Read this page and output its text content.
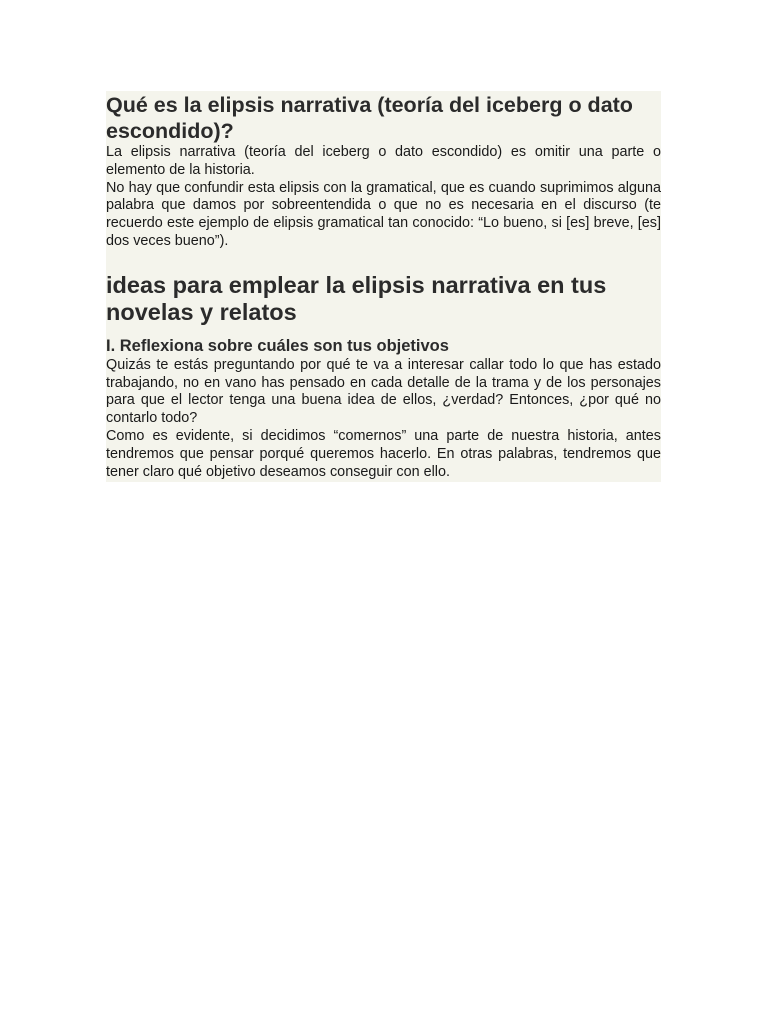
Qué es la elipsis narrativa (teoría del iceberg o dato escondido)?

La elipsis narrativa (teoría del iceberg o dato escondido) es omitir una parte o elemento de la historia.

No hay que confundir esta elipsis con la gramatical, que es cuando suprimimos alguna palabra que damos por sobreentendida o que no es necesaria en el discurso (te recuerdo este ejemplo de elipsis gramatical tan conocido: “Lo bueno, si [es] breve, [es] dos veces bueno”).

ideas para emplear la elipsis narrativa en tus novelas y relatos
I. Reflexiona sobre cuáles son tus objetivos

Quizás te estás preguntando por qué te va a interesar callar todo lo que has estado trabajando, no en vano has pensado en cada detalle de la trama y de los personajes para que el lector tenga una buena idea de ellos, ¿verdad? Entonces, ¿por qué no contarlo todo?

Como es evidente, si decidimos “comernos” una parte de nuestra historia, antes tendremos que pensar porqué queremos hacerlo. En otras palabras, tendremos que tener claro qué objetivo deseamos conseguir con ello.
